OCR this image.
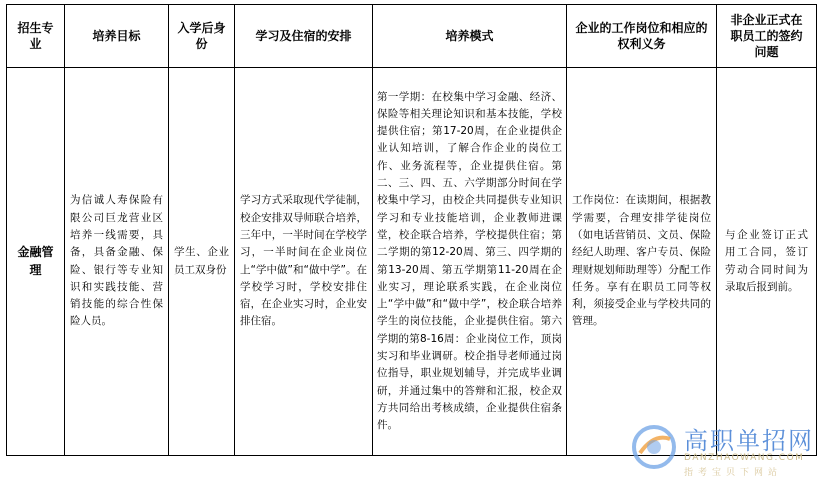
招生专业	培养目标	入学后身份	学习及住宿的安排	培养模式	企业的工作岗位和相应的权利义务	非企业正式在职员工的签约问题

金融管理	为信诚人寿保险有限公司巨龙营业区培养一线需要，具备，具备金融、保险、银行等专业知识和实践技能、营销技能的综合性保险人员。	学生、企业员工双身份	学习方式采取现代学徒制，校企安排双导师联合培养，三年中，一半时间在学校学习，一半时间在企业岗位上“学中做”和“做中学”。在学校学习时，学校安排住宿，在企业实习时，企业安排住宿。	第一学期：在校集中学习金融、经济、保险等相关理论知识和基本技能，学校提供住宿；第17-20周，在企业提供企业认知培训，了解合作企业的岗位工作、业务流程等，企业提供住宿。第二、三、四、五、六学期部分时间在学校集中学习，由校企共同提供专业知识学习和专业技能培训，企业教师进课堂，校企联合培养，学校提供住宿；第二学期的第12-20周、第三、四学期的第13-20周、第五学期第11-20周在企业实习，理论联系实践，在企业岗位上“学中做”和“做中学”，校企联合培养学生的岗位技能，企业提供住宿。第六学期的第8-16周：企业岗位工作，顶岗实习和毕业调研。校企指导老师通过岗位指导，职业规划辅导，并完成毕业调研，并通过集中的答辩和汇报，校企双方共同给出考核成绩，企业提供住宿条件。	工作岗位：在读期间，根据教学需要，合理安排学徒岗位（如电话营销员、文员、保险经纪人助理、客户专员、保险理财规划师助理等）分配工作任务。享有在职员工同等权利，须接受企业与学校共同的管理。	与企业签订正式用工合同，签订劳动合同时间为录取后报到前。
高职单招网
DANZHAOWANG.COM
指考宝贝下网站
